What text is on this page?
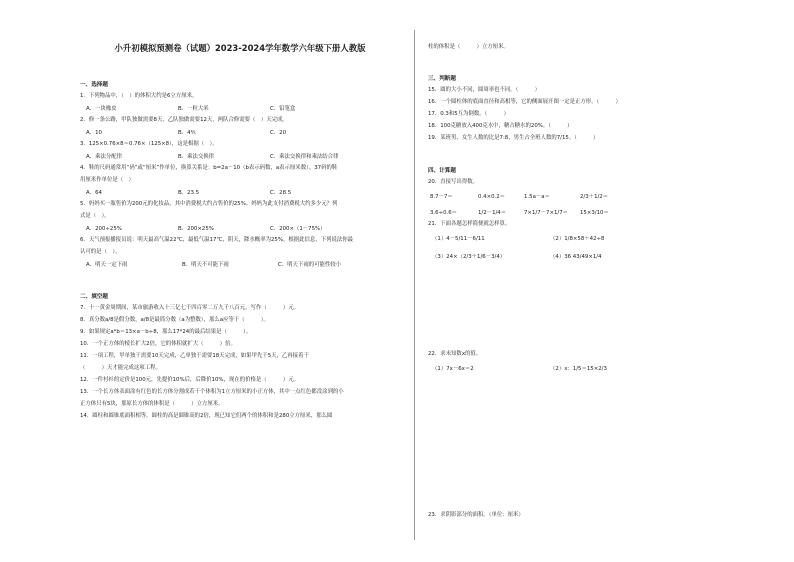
小升初模拟预测卷（试题）2023-2024学年数学六年级下册人教版
一、选择题
1．下列物品中，（　）的体积大约是6立方厘米。
A．一块橡皮	B．一粒大米	C．铅笔盒
2．修一条公路，甲队独做需要8天，乙队独做需要12天，两队合修需要（　）天完成。
A．10	B．4⅘	C．20
3．125×0.76×8＝0.76×（125×8），这是根据（　）。
A．乘法分配律	B．乘法交换律	C．乘法交换律和乘法结合律
4．鞋的尺码通常用“码”或“厘米”作单位，换算关系是：b=2a－10（b表示码数，a表示厘米数）。37码的鞋
用厘米作单位是（　）
A．64	B．23.5	C．28.5
5．妈妈买一瓶售价为200元的化妆品，其中消费税大约占售价的25%。妈妈为此支付消费税大约多少元？列
式是（　）。
A．200÷25%	B．200×25%	C．200×（1－75%）
6．天气预报播报员说：明天最高气温22℃，最低气温17℃，阴天，降水概率为25%。根据此信息，下列说法你最
认可的是（　）。
A．明天一定下雨	B．明天不可能下雨	C．明天下雨的可能性较小
二、填空题
7．十一黄金周期间，某市旅游收入十三亿七千四百零二万九千八百元，写作（　　　）元。
8．真分数a/8是假分数，a/8是最简分数（a为整数），那么a应等于（　　　）。
9．如果规定a*b＝13×a－b÷8，那么17*24的最后结果是（　　　）。
10．一个正方体的棱长扩大2倍，它的体积就扩大（　　　）倍。
11．一项工程，甲单独干需要10天完成，乙单独干需要18天完成，如果甲先干5天，乙再接着干
（　　　）天才能完成这项工程。
12．一件衬衫的定价是100元，先提价10%后，后降价10%，现在的价格是（　　　）元。
13．一个长方体表面涂有红色的长方体分割成若干个体积为1立方厘米的小正方体，其中一点红色都没涂到的小
正方体只有5块，那原长方体的体积是（　　　）立方厘米。
14．圆柱和圆锥底面积相等，圆柱的高是圆锥高的2倍，现已知它们两个的体积和是280立方厘米，那么圆
柱的体积是（　　　）立方厘米。
三、判断题
15．圆的大小不同，圆周率也不同。（　　　）
16．一个圆柱体的底面直径和高相等，它的侧面展开图一定是正方形。（　　　）
17．0.3和5互为倒数。（　　　）
18．100克糖放入400克水中，糖占糖水的20%。（　　　）
19．某班男、女生人数的比是7:8，男生占全班人数的7/15。（　　　）
四、计算题
20．直接写出得数。
8.7－7＝	0.4×0.2＝	1.5a－a＝	2/3＋1/2＝
3.6÷0.6＝	1/2－1/4＝	7×1/7－7×1/7＝	15×3/10＝
21．下面各题怎样简便就怎样算。
（1）4－5/11－6/11	（2）1/8×58＋42÷8
（3）24×（2/3＋1/6－3/4）	（4）36 43/49×1/4
22．求未知数x的值。
（1）7x－6x＝2	（2）x：1/5＝15×2/3
23．求阴影部分的面积。（单位：厘米）
